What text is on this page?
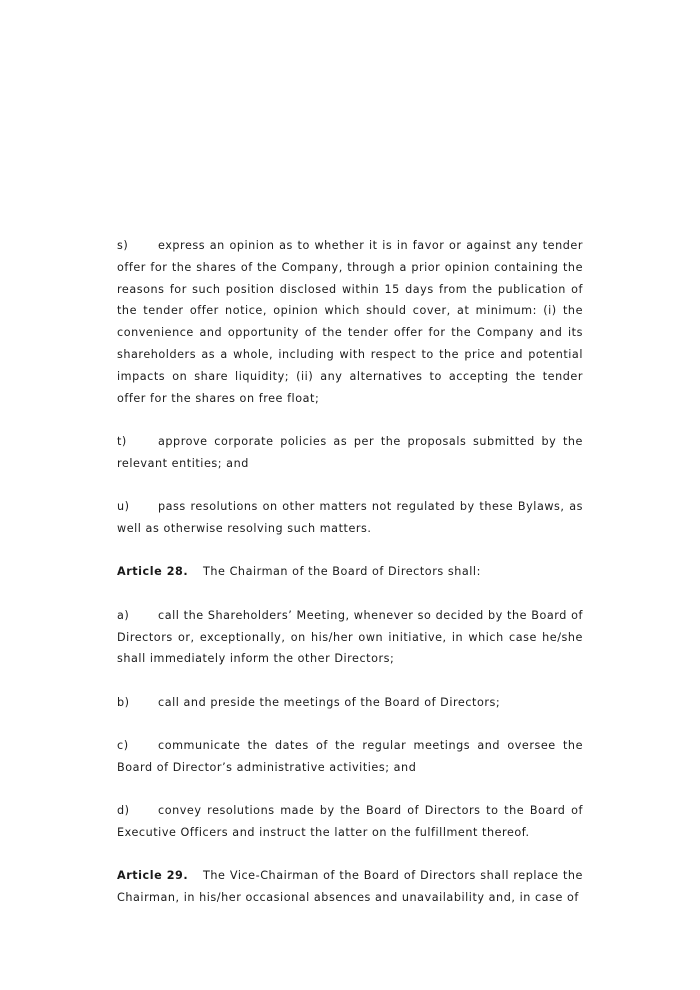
s)	express an opinion as to whether it is in favor or against any tender offer for the shares of the Company, through a prior opinion containing the reasons for such position disclosed within 15 days from the publication of the tender offer notice, opinion which should cover, at minimum: (i) the convenience and opportunity of the tender offer for the Company and its shareholders as a whole, including with respect to the price and potential impacts on share liquidity; (ii) any alternatives to accepting the tender offer for the shares on free float;

t)	approve corporate policies as per the proposals submitted by the relevant entities; and

u)	pass resolutions on other matters not regulated by these Bylaws, as well as otherwise resolving such matters.

Article 28. The Chairman of the Board of Directors shall:

a)	call the Shareholders’ Meeting, whenever so decided by the Board of Directors or, exceptionally, on his/her own initiative, in which case he/she shall immediately inform the other Directors;

b)	call and preside the meetings of the Board of Directors;

c)	communicate the dates of the regular meetings and oversee the Board of Director’s administrative activities; and

d)	convey resolutions made by the Board of Directors to the Board of Executive Officers and instruct the latter on the fulfillment thereof.

Article 29. The Vice-Chairman of the Board of Directors shall replace the Chairman, in his/her occasional absences and unavailability and, in case of
